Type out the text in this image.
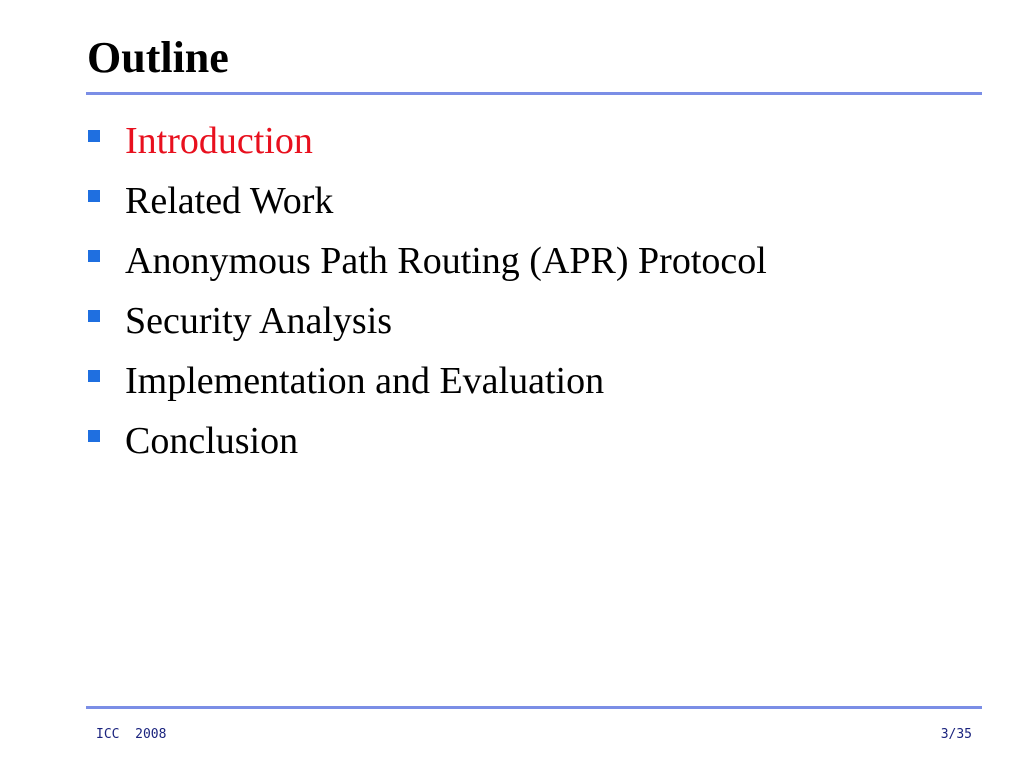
Outline
Introduction
Related Work
Anonymous Path Routing (APR) Protocol
Security Analysis
Implementation and Evaluation
Conclusion
ICC  2008	3/35
